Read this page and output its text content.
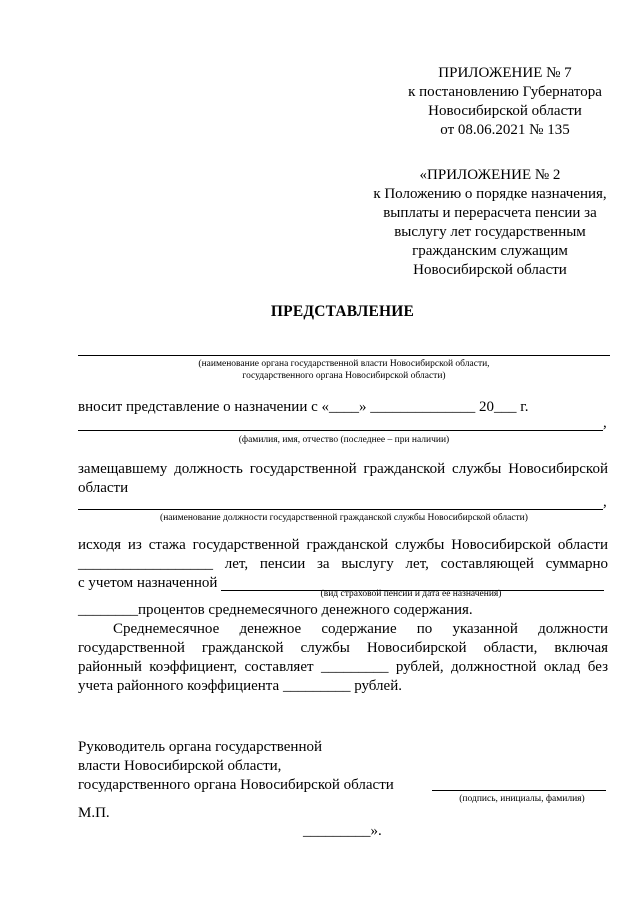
ПРИЛОЖЕНИЕ № 7
к постановлению Губернатора
Новосибирской области
от 08.06.2021 № 135
«ПРИЛОЖЕНИЕ № 2
к Положению о порядке назначения,
выплаты и перерасчета пенсии за
выслугу лет государственным
гражданским служащим
Новосибирской области
ПРЕДСТАВЛЕНИЕ
(наименование органа государственной власти Новосибирской области,
государственного органа Новосибирской области)
вносит представление о назначении с «____» ______________ 20___ г.
,
(фамилия, имя, отчество (последнее – при наличии)
замещавшему должность государственной гражданской службы Новосибирской
области
,
(наименование должности государственной гражданской службы Новосибирской области)
исходя из стажа государственной гражданской службы Новосибирской области
__________________ лет, пенсии за выслугу лет, составляющей суммарно
с учетом назначенной
(вид страховой пенсии и дата ее назначения)
________процентов среднемесячного денежного содержания.
Среднемесячное денежное содержание по указанной должности
государственной гражданской службы Новосибирской области, включая
районный коэффициент, составляет _________ рублей, должностной оклад без
учета районного коэффициента _________ рублей.
Руководитель органа государственной
власти Новосибирской области,
государственного органа Новосибирской области
(подпись, инициалы, фамилия)
М.П.
_________».
